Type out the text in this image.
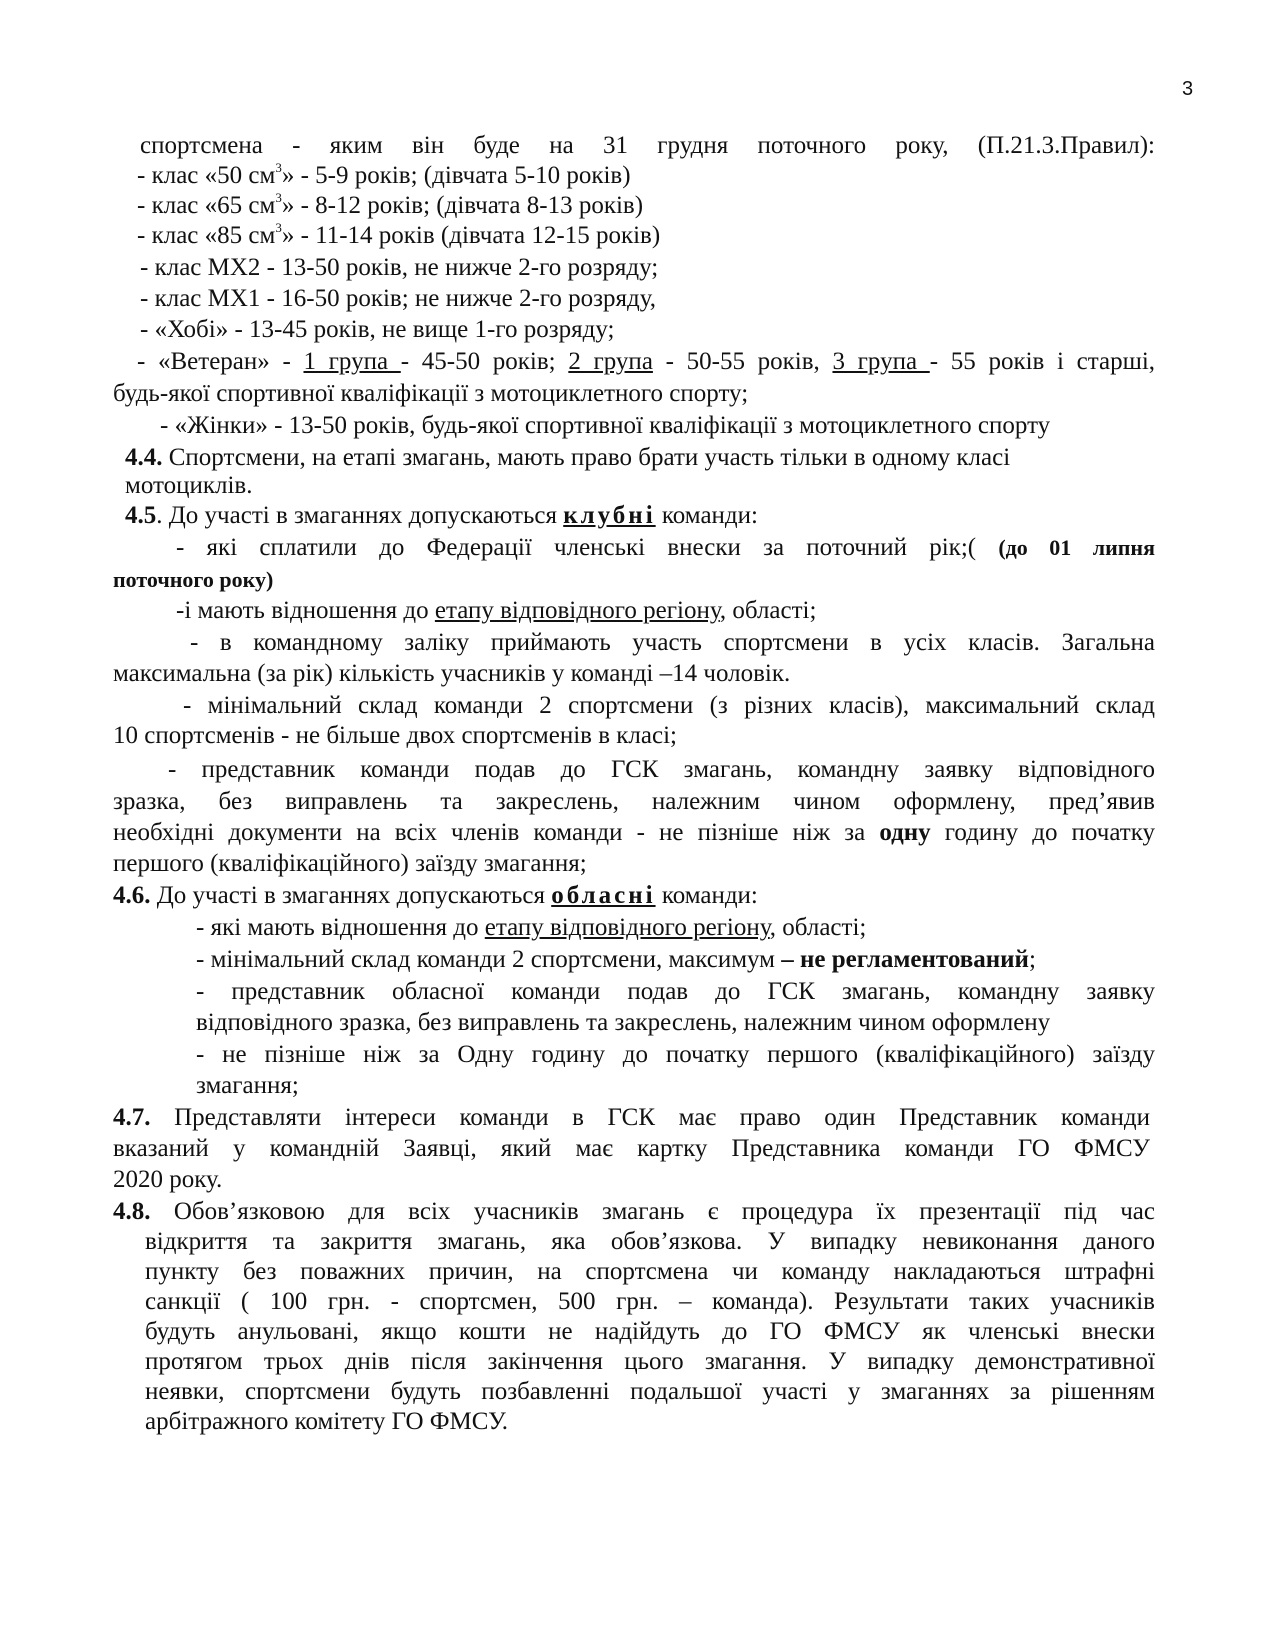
3
спортсмена - яким він буде на 31 грудня поточного року, (П.21.3.Правил):
- клас «50 $см^3$» - 5-9 років; (дівчата 5-10 років)
- клас «65 $см^3$» - 8-12 років; (дівчата 8-13 років)
- клас «85 $см^3$» - 11-14 років (дівчата 12-15 років)
- клас МХ2 - 13-50 років, не нижче 2-го розряду;
- клас МХ1 - 16-50 років; не нижче 2-го розряду,
- «Хобі» - 13-45 років, не вище 1-го розряду;
- «Ветеран» - 1 група - 45-50 років; 2 група - 50-55 років, 3 група - 55 років і старші,
будь-якої спортивної кваліфікації з мотоциклетного спорту;
- «Жінки» - 13-50 років, будь-якої спортивної кваліфікації з мотоциклетного спорту
4.4. Спортсмени, на етапі змагань, мають право брати участь тільки в одному класі
мотоциклів.
4.5. До участі в змаганнях допускаються клубні команди:
- які сплатили до Федерації членські внески за поточний рік;( (до 01 липня
поточного року)
-і мають відношення до етапу відповідного регіону, області;
- в командному заліку приймають участь спортсмени в усіх класів. Загальна
максимальна (за рік) кількість учасників у команді –14 чоловік.
- мінімальний склад команди 2 спортсмени (з різних класів), максимальний склад
10 спортсменів - не більше двох спортсменів в класі;
- представник команди подав до ГСК змагань, командну заявку відповідного
зразка, без виправлень та закреслень, належним чином оформлену, пред’явив
необхідні документи на всіх членів команди - не пізніше ніж за одну годину до початку
першого (кваліфікаційного) заїзду змагання;
4.6. До участі в змаганнях допускаються обласні команди:
- які мають відношення до етапу відповідного регіону, області;
- мінімальний склад команди 2 спортсмени, максимум – не регламентований;
- представник обласної команди подав до ГСК змагань, командну заявку
відповідного зразка, без виправлень та закреслень, належним чином оформлену
- не пізніше ніж за Одну годину до початку першого (кваліфікаційного) заїзду
змагання;
4.7. Представляти інтереси команди в ГСК має право один Представник команди
вказаний у командній Заявці, який має картку Представника команди ГО ФМСУ
2020 року.
4.8. Обов’язковою для всіх учасників змагань є процедура їх презентації під час
відкриття та закриття змагань, яка обов’язкова. У випадку невиконання даного
пункту без поважних причин, на спортсмена чи команду накладаються штрафні
санкції ( 100 грн. - спортсмен, 500 грн. – команда). Результати таких учасників
будуть анульовані, якщо кошти не надійдуть до ГО ФМСУ як членські внески
протягом трьох днів після закінчення цього змагання. У випадку демонстративної
неявки, спортсмени будуть позбавленні подальшої участі у змаганнях за рішенням
арбітражного комітету ГО ФМСУ.
